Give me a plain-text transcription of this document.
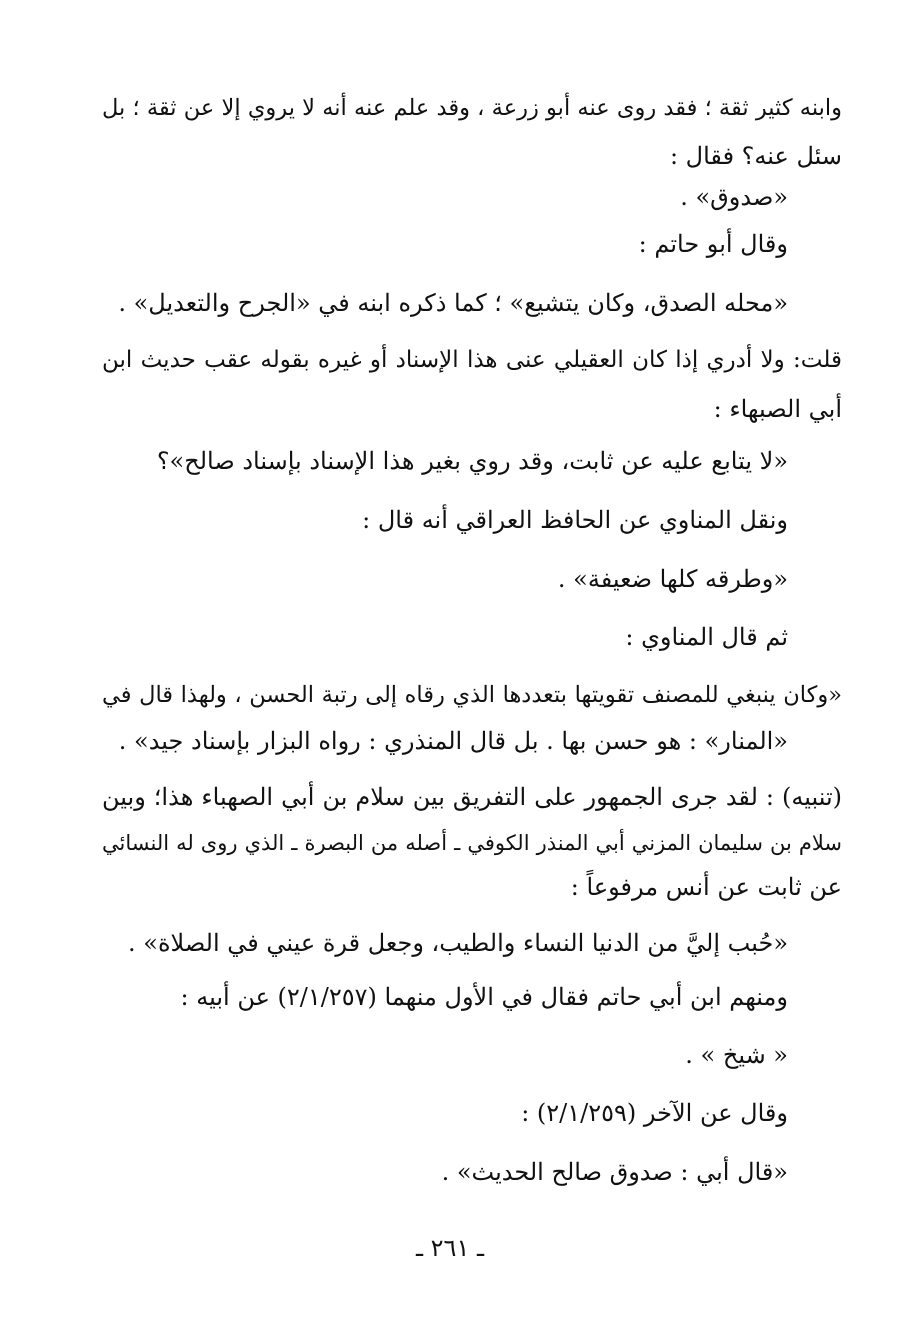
وابنه كثير ثقة ؛ فقد روى عنه أبو زرعة ، وقد علم عنه أنه لا يروي إلا عن ثقة ؛ بل
سئل عنه؟ فقال :
«صدوق» .
وقال أبو حاتم :
«محله الصدق، وكان يتشيع» ؛ كما ذكره ابنه في «الجرح والتعديل» .
قلت: ولا أدري إذا كان العقيلي عنى هذا الإسناد أو غيره بقوله عقب حديث ابن
أبي الصبهاء :
«لا يتابع عليه عن ثابت، وقد روي بغير هذا الإسناد بإسناد صالح»؟
ونقل المناوي عن الحافظ العراقي أنه قال :
«وطرقه كلها ضعيفة» .
ثم قال المناوي :
«وكان ينبغي للمصنف تقويتها بتعددها الذي رقاه إلى رتبة الحسن ، ولهذا قال في
«المنار» : هو حسن بها . بل قال المنذري : رواه البزار بإسناد جيد» .
(تنبيه) : لقد جرى الجمهور على التفريق بين سلام بن أبي الصهباء هذا؛ وبين
سلام بن سليمان المزني أبي المنذر الكوفي ـ أصله من البصرة ـ الذي روى له النسائي
عن ثابت عن أنس مرفوعاً :
«حُبب إليَّ من الدنيا النساء والطيب، وجعل قرة عيني في الصلاة» .
ومنهم ابن أبي حاتم فقال في الأول منهما (٢/١/٢٥٧) عن أبيه :
« شيخ » .
وقال عن الآخر (٢/١/٢٥٩) :
«قال أبي : صدوق صالح الحديث» .
ـ ٢٦١ ـ
